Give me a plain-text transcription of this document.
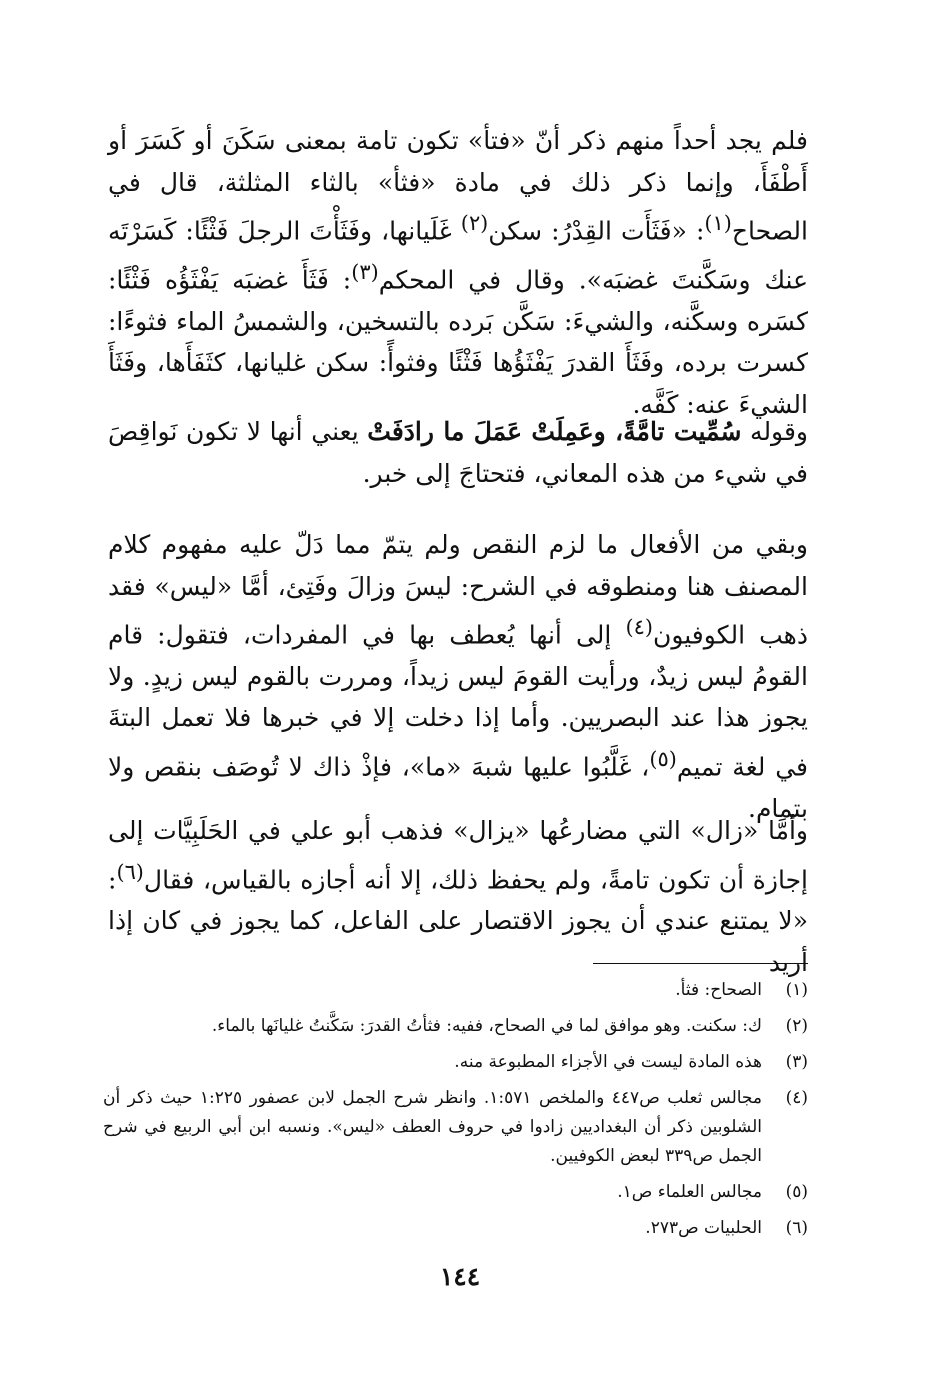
فلم يجد أحداً منهم ذكر أنّ «فتأ» تكون تامة بمعنى سَكَنَ أو كَسَرَ أو أَطْفَأَ، وإنما ذكر ذلك في مادة «فثأ» بالثاء المثلثة، قال في الصحاح$^{(١)}$: «فَثَأَت القِدْرُ: سكن$^{(٢)}$ غَلَيانها، وفَثَأْتَ الرجلَ فَثْئًا: كَسَرْتَه عنك وسَكَّنتَ غضبَه». وقال في المحكم$^{(٣)}$: فَثَأَ غضبَه يَفْثَؤُه فَثْئًا: كسَره وسكَّنه، والشيءَ: سَكَّن بَرده بالتسخين، والشمسُ الماء فثوءًا: كسرت برده، وفَثَأَ القدرَ يَفْثَؤُها فَثْئًا وفثوأً: سكن غليانها، كثَفَأَها، وفَثَأَ الشيءَ عنه: كَفَّه.

وقوله سُمِّيت تامَّةً، وعَمِلَتْ عَمَلَ ما رادَفَتْ يعني أنها لا تكون نَواقِصَ في شيء من هذه المعاني، فتحتاجَ إلى خبر.

وبقي من الأفعال ما لزم النقص ولم يتمّ مما دَلّ عليه مفهوم كلام المصنف هنا ومنطوقه في الشرح: ليسَ وزالَ وفَتِئ، أمَّا «ليس» فقد ذهب الكوفيون$^{(٤)}$ إلى أنها يُعطف بها في المفردات، فتقول: قام القومُ ليس زيدٌ، ورأيت القومَ ليس زيداً، ومررت بالقوم ليس زيدٍ. ولا يجوز هذا عند البصريين. وأما إذا دخلت إلا في خبرها فلا تعمل البتةَ في لغة تميم$^{(٥)}$، غَلَّبُوا عليها شبهَ «ما»، فإذْ ذاك لا تُوصَف بنقص ولا بتمام.

وأمَّا «زال» التي مضارعُها «يزال» فذهب أبو علي في الحَلَبِيَّات إلى إجازة أن تكون تامةً، ولم يحفظ ذلك، إلا أنه أجازه بالقياس، فقال$^{(٦)}$: «لا يمتنع عندي أن يجوز الاقتصار على الفاعل، كما يجوز في كان إذا أريد

(١)
الصحاح: فثأ.
(٢)
ك: سكنت. وهو موافق لما في الصحاح، ففيه: فثأتُ القدرَ: سَكَّنتُ غليانَها بالماء.
(٣)
هذه المادة ليست في الأجزاء المطبوعة منه.
(٤)
مجالس ثعلب ص٤٤٧ والملخص ١:٥٧١. وانظر شرح الجمل لابن عصفور ١:٢٢٥ حيث ذكر أن الشلوبين ذكر أن البغداديين زادوا في حروف العطف «ليس». ونسبه ابن أبي الربيع في شرح الجمل ص٣٣٩ لبعض الكوفيين.
(٥)
مجالس العلماء ص١.
(٦)
الحلبيات ص٢٧٣.
١٤٤
